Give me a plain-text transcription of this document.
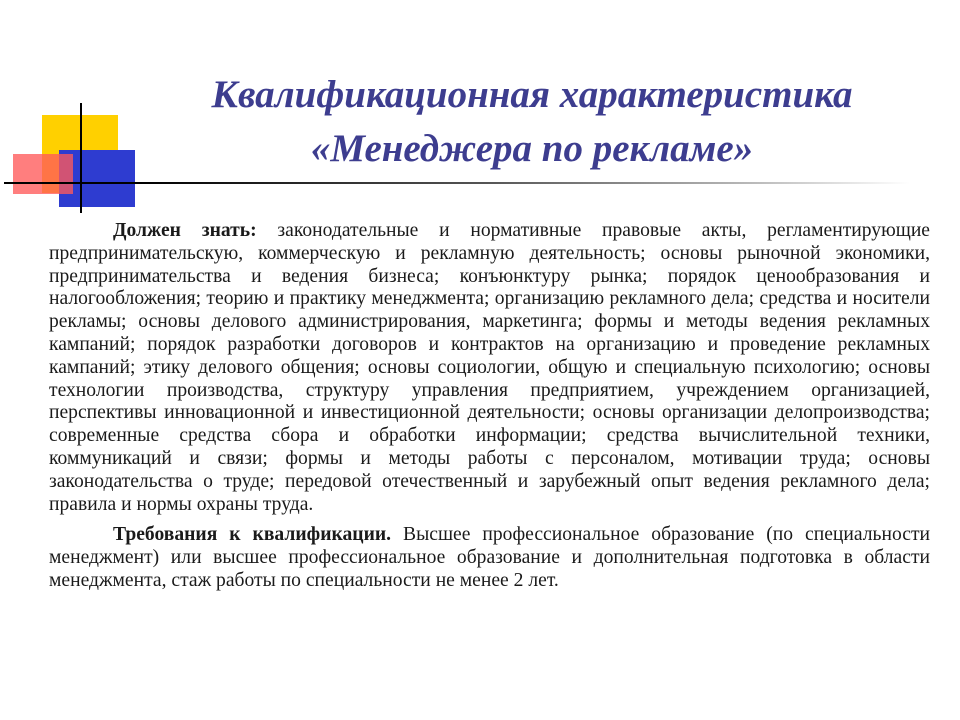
Квалификационная характеристика
«Менеджера по рекламе»

Должен знать: законодательные и нормативные правовые акты, регламентирующие предпринимательскую, коммерческую и рекламную деятельность; основы рыночной экономики, предпринимательства и ведения бизнеса; конъюнктуру рынка; порядок ценообразования и налогообложения; теорию и практику менеджмента; организацию рекламного дела; средства и носители рекламы; основы делового администрирования, маркетинга; формы и методы ведения рекламных кампаний; порядок разработки договоров и контрактов на организацию и проведение рекламных кампаний; этику делового общения; основы социологии, общую и специальную психологию; основы технологии производства, структуру управления предприятием, учреждением организацией, перспективы инновационной и инвестиционной деятельности; основы организации делопроизводства; современные средства сбора и обработки информации; средства вычислительной техники, коммуникаций и связи; формы и методы работы с персоналом, мотивации труда; основы законодательства о труде; передовой отечественный и зарубежный опыт ведения рекламного дела; правила и нормы охраны труда.

Требования к квалификации. Высшее профессиональное образование (по специальности менеджмент) или высшее профессиональное образование и дополнительная подготовка в области менеджмента, стаж работы по специальности не менее 2 лет.
